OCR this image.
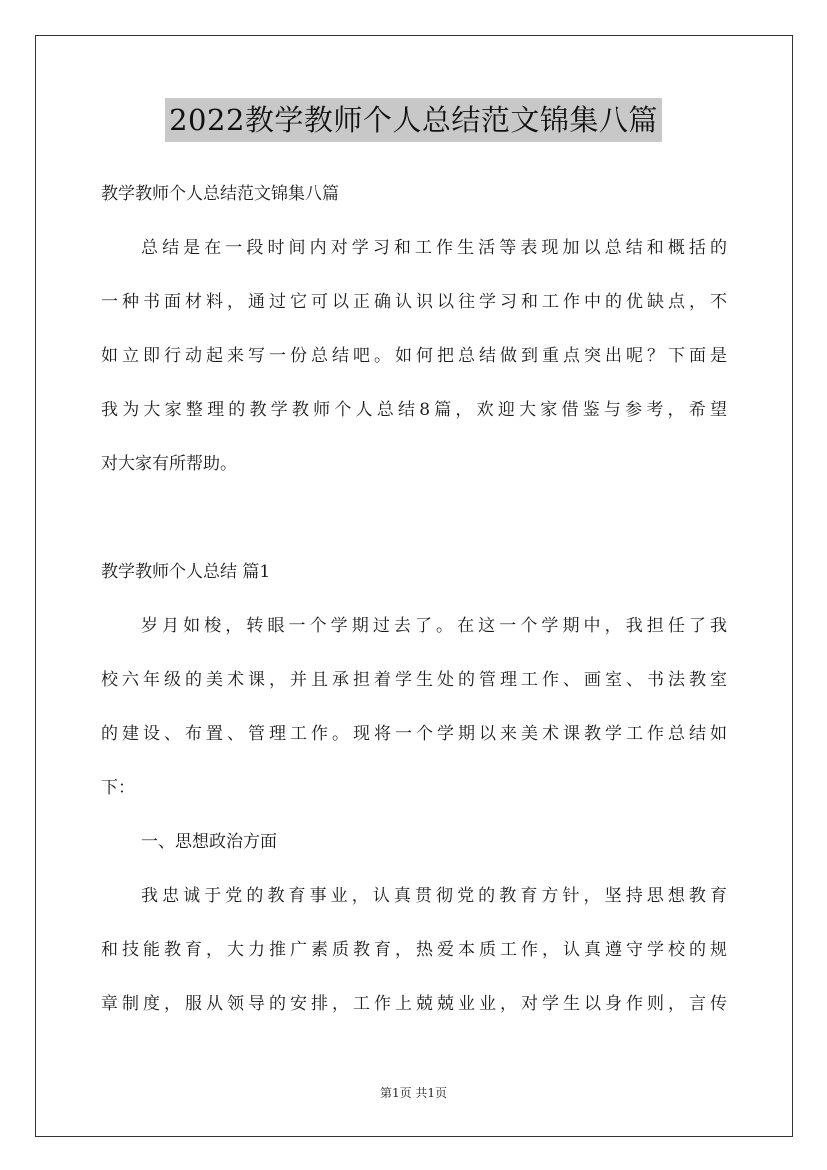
2022教学教师个人总结范文锦集八篇
教学教师个人总结范文锦集八篇
总结是在一段时间内对学习和工作生活等表现加以总结和概括的
一种书面材料，通过它可以正确认识以往学习和工作中的优缺点，不
如立即行动起来写一份总结吧。如何把总结做到重点突出呢？下面是
我为大家整理的教学教师个人总结8篇，欢迎大家借鉴与参考，希望
对大家有所帮助。
教学教师个人总结 篇1
岁月如梭，转眼一个学期过去了。在这一个学期中，我担任了我
校六年级的美术课，并且承担着学生处的管理工作、画室、书法教室
的建设、布置、管理工作。现将一个学期以来美术课教学工作总结如
下：
一、思想政治方面
我忠诚于党的教育事业，认真贯彻党的教育方针，坚持思想教育
和技能教育，大力推广素质教育，热爱本质工作，认真遵守学校的规
章制度，服从领导的安排，工作上兢兢业业，对学生以身作则，言传
第1页 共1页
